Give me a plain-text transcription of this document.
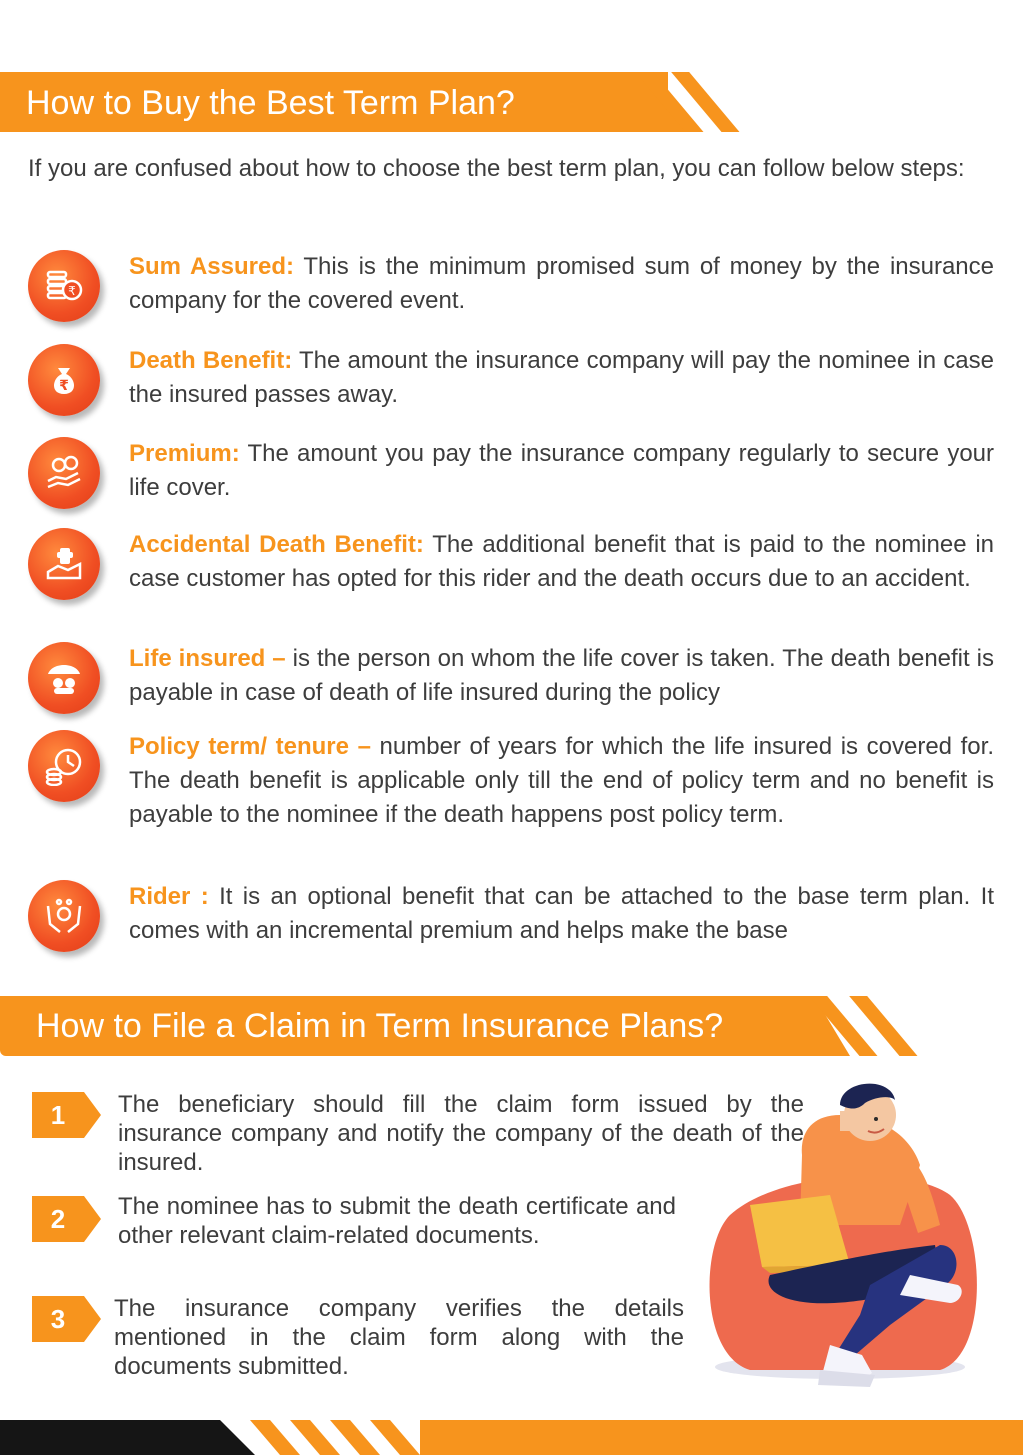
How to Buy the Best Term Plan?
If you are confused about how to choose the best term plan, you can follow below steps:
₹
Sum Assured: This is the minimum promised sum of money by the insurance company for the covered event.
₹
Death Benefit: The amount the insurance company will pay the nominee in case the insured passes away.
Premium: The amount you pay the insurance company regularly to secure your life cover.
Accidental Death Benefit: The additional benefit that is paid to the nominee in case customer has opted for this rider and the death occurs due to an accident.
Life insured – is the person on whom the life cover is taken. The death benefit is payable in case of death of life insured during the policy
Policy term/ tenure – number of years for which the life insured is covered for. The death benefit is applicable only till the end of policy term and no benefit is payable to the nominee if the death happens post policy term.
Rider : It is an optional benefit that can be attached to the base term plan. It comes with an incremental premium and helps make the base
How to File a Claim in Term Insurance Plans?
1	The beneficiary should fill the claim form issued by the insurance company and notify the company of the death of the insured.
2	The nominee has to submit the death certificate and other relevant claim-related documents.
3	The insurance company verifies the details mentioned in the claim form along with the documents submitted.
